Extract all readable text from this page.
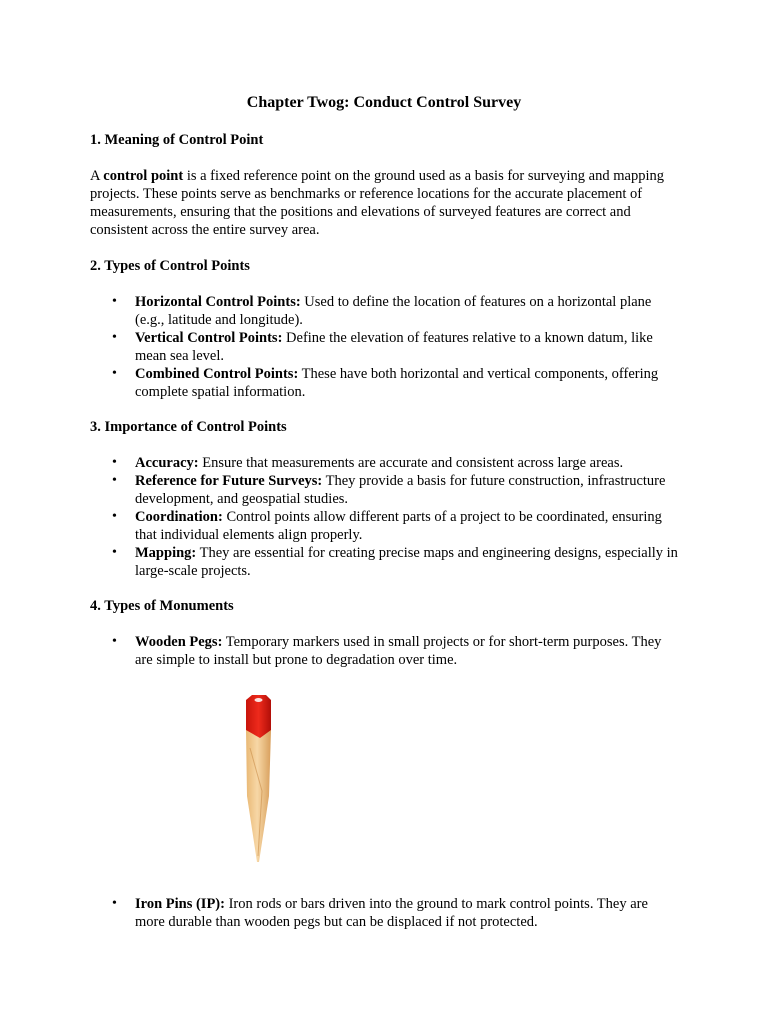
Chapter Twog: Conduct Control Survey
1. Meaning of Control Point

A control point is a fixed reference point on the ground used as a basis for surveying and mapping projects. These points serve as benchmarks or reference locations for the accurate placement of measurements, ensuring that the positions and elevations of surveyed features are correct and consistent across the entire survey area.

2. Types of Control Points
• Horizontal Control Points: Used to define the location of features on a horizontal plane (e.g., latitude and longitude).
• Vertical Control Points: Define the elevation of features relative to a known datum, like mean sea level.
• Combined Control Points: These have both horizontal and vertical components, offering complete spatial information.
3. Importance of Control Points
• Accuracy: Ensure that measurements are accurate and consistent across large areas.
• Reference for Future Surveys: They provide a basis for future construction, infrastructure development, and geospatial studies.
• Coordination: Control points allow different parts of a project to be coordinated, ensuring that individual elements align properly.
• Mapping: They are essential for creating precise maps and engineering designs, especially in large-scale projects.
4. Types of Monuments
• Wooden Pegs: Temporary markers used in small projects or for short-term purposes. They are simple to install but prone to degradation over time.
• Iron Pins (IP): Iron rods or bars driven into the ground to mark control points. They are more durable than wooden pegs but can be displaced if not protected.
